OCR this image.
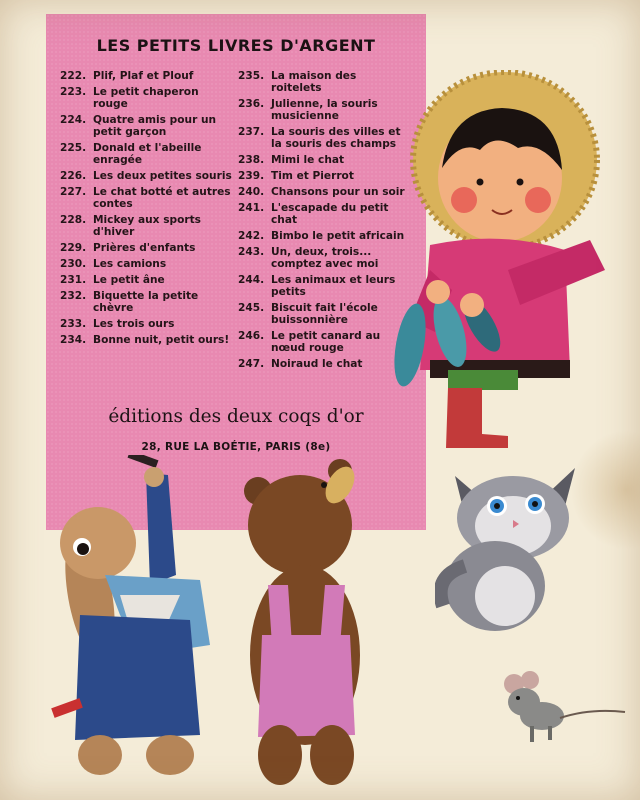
LES PETITS LIVRES D'ARGENT
222. Plif, Plaf et Plouf
223. Le petit chaperon rouge
224. Quatre amis pour un petit garçon
225. Donald et l'abeille enragée
226. Les deux petites souris
227. Le chat botté et autres contes
228. Mickey aux sports d'hiver
229. Prières d'enfants
230. Les camions
231. Le petit âne
232. Biquette la petite chèvre
233. Les trois ours
234. Bonne nuit, petit ours!
235. La maison des roitelets
236. Julienne, la souris musicienne
237. La souris des villes et la souris des champs
238. Mimi le chat
239. Tim et Pierrot
240. Chansons pour un soir
241. L'escapade du petit chat
242. Bimbo le petit africain
243. Un, deux, trois... comptez avec moi
244. Les animaux et leurs petits
245. Biscuit fait l'école buissonnière
246. Le petit canard au nœud rouge
247. Noiraud le chat
éditions des deux coqs d'or
28, RUE LA BOÉTIE, PARIS (8e)
